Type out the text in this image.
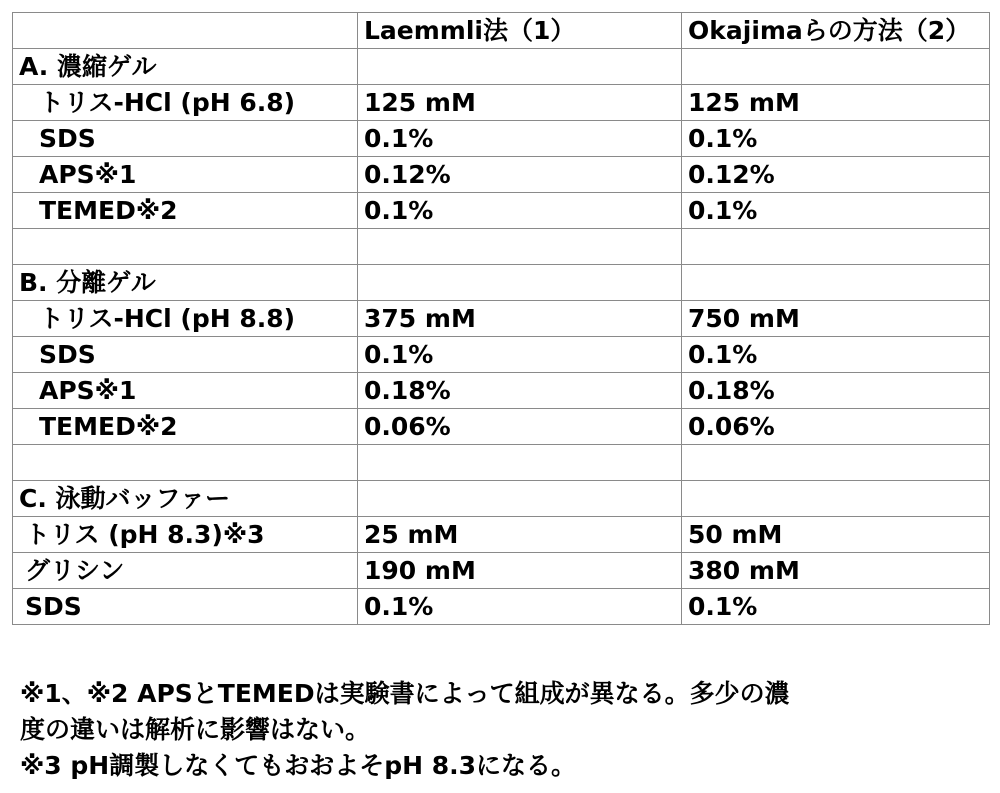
	Laemmli法（1）	Okajimaらの方法（2）
A. 濃縮ゲル		
トリス-HCl (pH 6.8)	125 mM	125 mM
SDS	0.1%	0.1%
APS※1	0.12%	0.12%
TEMED※2	0.1%	0.1%

B. 分離ゲル		
トリス-HCl (pH 8.8)	375 mM	750 mM
SDS	0.1%	0.1%
APS※1	0.18%	0.18%
TEMED※2	0.06%	0.06%

C. 泳動バッファー		
トリス (pH 8.3)※3	25 mM	50 mM
グリシン	190 mM	380 mM
SDS	0.1%	0.1%
※1、※2 APSとTEMEDは実験書によって組成が異なる。多少の濃
度の違いは解析に影響はない。
※3 pH調製しなくてもおおよそpH 8.3になる。
